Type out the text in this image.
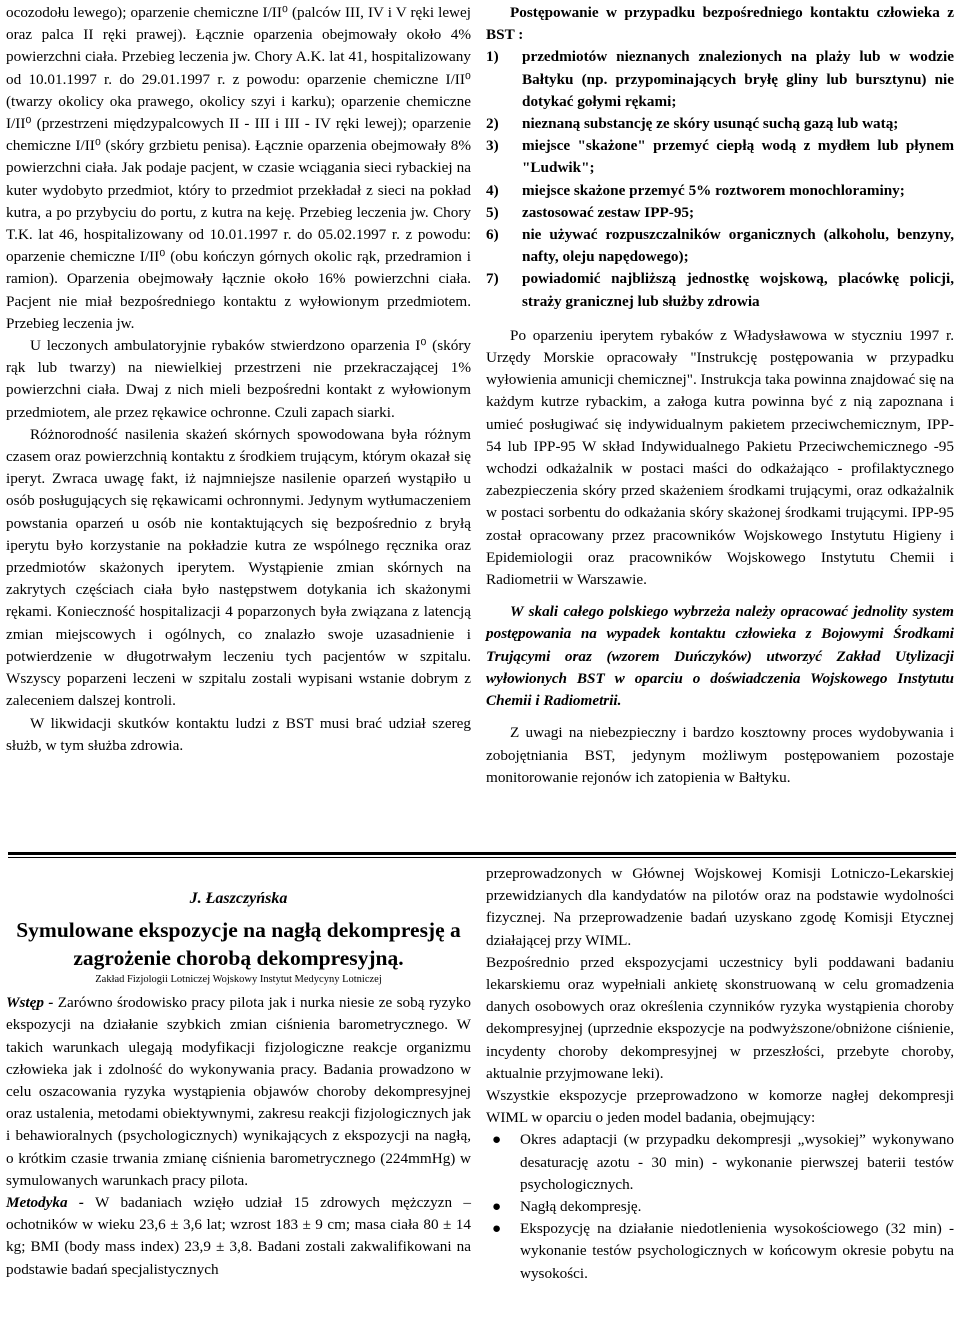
ocozodołu lewego); oparzenie chemiczne I/II⁰ (palców III, IV i V ręki lewej oraz palca II ręki prawej). Łącznie oparzenia obejmowały około 4% powierzchni ciała. Przebieg leczenia jw. Chory A.K. lat 41, hospitalizowany od 10.01.1997 r. do 29.01.1997 r. z powodu: oparzenie chemiczne I/II⁰ (twarzy okolicy oka prawego, okolicy szyi i karku); oparzenie chemiczne I/II⁰ (przestrzeni międzypalcowych II - III i III - IV ręki lewej); oparzenie chemiczne I/II⁰ (skóry grzbietu penisa). Łącznie oparzenia obejmowały 8% powierzchni ciała. Jak podaje pacjent, w czasie wciągania sieci rybackiej na kuter wydobyto przedmiot, który to przedmiot przekładał z sieci na pokład kutra, a po przybyciu do portu, z kutra na keję. Przebieg leczenia jw. Chory T.K. lat 46, hospitalizowany od 10.01.1997 r. do 05.02.1997 r. z powodu: oparzenie chemiczne I/II⁰ (obu kończyn górnych okolic rąk, przedramion i ramion). Oparzenia obejmowały łącznie około 16% powierzchni ciała. Pacjent nie miał bezpośredniego kontaktu z wyłowionym przedmiotem. Przebieg leczenia jw.

U leczonych ambulatoryjnie rybaków stwierdzono oparzenia I⁰ (skóry rąk lub twarzy) na niewielkiej przestrzeni nie przekraczającej 1% powierzchni ciała. Dwaj z nich mieli bezpośredni kontakt z wyłowionym przedmiotem, ale przez rękawice ochronne. Czuli zapach siarki.

Różnorodność nasilenia skażeń skórnych spowodowana była różnym czasem oraz powierzchnią kontaktu z środkiem trującym, którym okazał się iperyt. Zwraca uwagę fakt, iż najmniejsze nasilenie oparzeń wystąpiło u osób posługujących się rękawicami ochronnymi. Jedynym wytłumaczeniem powstania oparzeń u osób nie kontaktujących się bezpośrednio z bryłą iperytu było korzystanie na pokładzie kutra ze wspólnego ręcznika oraz przedmiotów skażonych iperytem. Wystąpienie zmian skórnych na zakrytych częściach ciała było następstwem dotykania ich skażonymi rękami. Konieczność hospitalizacji 4 poparzonych była związana z latencją zmian miejscowych i ogólnych, co znalazło swoje uzasadnienie i potwierdzenie w długotrwałym leczeniu tych pacjentów w szpitalu. Wszyscy poparzeni leczeni w szpitalu zostali wypisani wstanie dobrym z zaleceniem dalszej kontroli.

W likwidacji skutków kontaktu ludzi z BST musi brać udział szereg służb, w tym służba zdrowia.

Postępowanie w przypadku bezpośredniego kontaktu człowieka z BST :

1)	przedmiotów nieznanych znalezionych na plaży lub w wodzie Bałtyku (np. przypominających bryłę gliny lub bursztynu) nie dotykać gołymi rękami;
2)	nieznaną substancję ze skóry usunąć suchą gazą lub watą;
3)	miejsce "skażone" przemyć ciepłą wodą z mydłem lub płynem "Ludwik";
4)	miejsce skażone przemyć 5% roztworem monochloraminy;
5)	zastosować zestaw IPP-95;
6)	nie używać rozpuszczalników organicznych (alkoholu, benzyny, nafty, oleju napędowego);
7)	powiadomić najbliższą jednostkę wojskową, placówkę policji, straży granicznej lub służby zdrowia

Po oparzeniu iperytem rybaków z Władysławowa w styczniu 1997 r. Urzędy Morskie opracowały "Instrukcję postępowania w przypadku wyłowienia amunicji chemicznej". Instrukcja taka powinna znajdować się na każdym kutrze rybackim, a załoga kutra powinna być z nią zapoznana i umieć posługiwać się indywidualnym pakietem przeciwchemicznym, IPP-54 lub IPP-95 W skład Indywidualnego Pakietu Przeciwchemicznego -95 wchodzi odkażalnik w postaci maści do odkażająco - profilaktycznego zabezpieczenia skóry przed skażeniem środkami trującymi, oraz odkażalnik w postaci sorbentu do odkażania skóry skażonej środkami trującymi. IPP-95 został opracowany przez pracowników Wojskowego Instytutu Higieny i Epidemiologii oraz pracowników Wojskowego Instytutu Chemii i Radiometrii w Warszawie.

W skali całego polskiego wybrzeża należy opracować jednolity system postępowania na wypadek kontaktu człowieka z Bojowymi Środkami Trującymi oraz (wzorem Duńczyków) utworzyć Zakład Utylizacji wyłowionych BST w oparciu o doświadczenia Wojskowego Instytutu Chemii i Radiometrii.

Z uwagi na niebezpieczny i bardzo kosztowny proces wydobywania i zobojętniania BST, jedynym możliwym postępowaniem pozostaje monitorowanie rejonów ich zatopienia w Bałtyku.

J. Łaszczyńska
Symulowane ekspozycje na nagłą dekompresję a zagrożenie chorobą dekompresyjną.
Zakład Fizjologii Lotniczej Wojskowy Instytut Medycyny Lotniczej

Wstęp - Zarówno środowisko pracy pilota jak i nurka niesie ze sobą ryzyko ekspozycji na działanie szybkich zmian ciśnienia barometrycznego. W takich warunkach ulegają modyfikacji fizjologiczne reakcje organizmu człowieka jak i zdolność do wykonywania pracy. Badania prowadzono w celu oszacowania ryzyka wystąpienia objawów choroby dekompresyjnej oraz ustalenia, metodami obiektywnymi, zakresu reakcji fizjologicznych jak i behawioralnych (psychologicznych) wynikających z ekspozycji na nagłą, o krótkim czasie trwania zmianę ciśnienia barometrycznego (224mmHg) w symulowanych warunkach pracy pilota.

Metodyka - W badaniach wzięło udział 15 zdrowych mężczyzn – ochotników w wieku 23,6 ± 3,6 lat; wzrost 183 ± 9 cm; masa ciała 80 ± 14 kg; BMI (body mass index) 23,9 ± 3,8. Badani zostali zakwalifikowani na podstawie badań specjalistycznych

przeprowadzonych w Głównej Wojskowej Komisji Lotniczo-Lekarskiej przewidzianych dla kandydatów na pilotów oraz na podstawie wydolności fizycznej. Na przeprowadzenie badań uzyskano zgodę Komisji Etycznej działającej przy WIML.

Bezpośrednio przed ekspozycjami uczestnicy byli poddawani badaniu lekarskiemu oraz wypełniali ankietę skonstruowaną w celu gromadzenia danych osobowych oraz określenia czynników ryzyka wystąpienia choroby dekompresyjnej (uprzednie ekspozycje na podwyższone/obniżone ciśnienie, incydenty choroby dekompresyjnej w przeszłości, przebyte choroby, aktualnie przyjmowane leki).

Wszystkie ekspozycje przeprowadzono w komorze nagłej dekompresji WIML w oparciu o jeden model badania, obejmujący:

●	Okres adaptacji (w przypadku dekompresji „wysokiej” wykonywano desaturację azotu - 30 min) - wykonanie pierwszej baterii testów psychologicznych.
●	Nagłą dekompresję.
●	Ekspozycję na działanie niedotlenienia wysokościowego (32 min) - wykonanie testów psychologicznych w końcowym okresie pobytu na wysokości.
